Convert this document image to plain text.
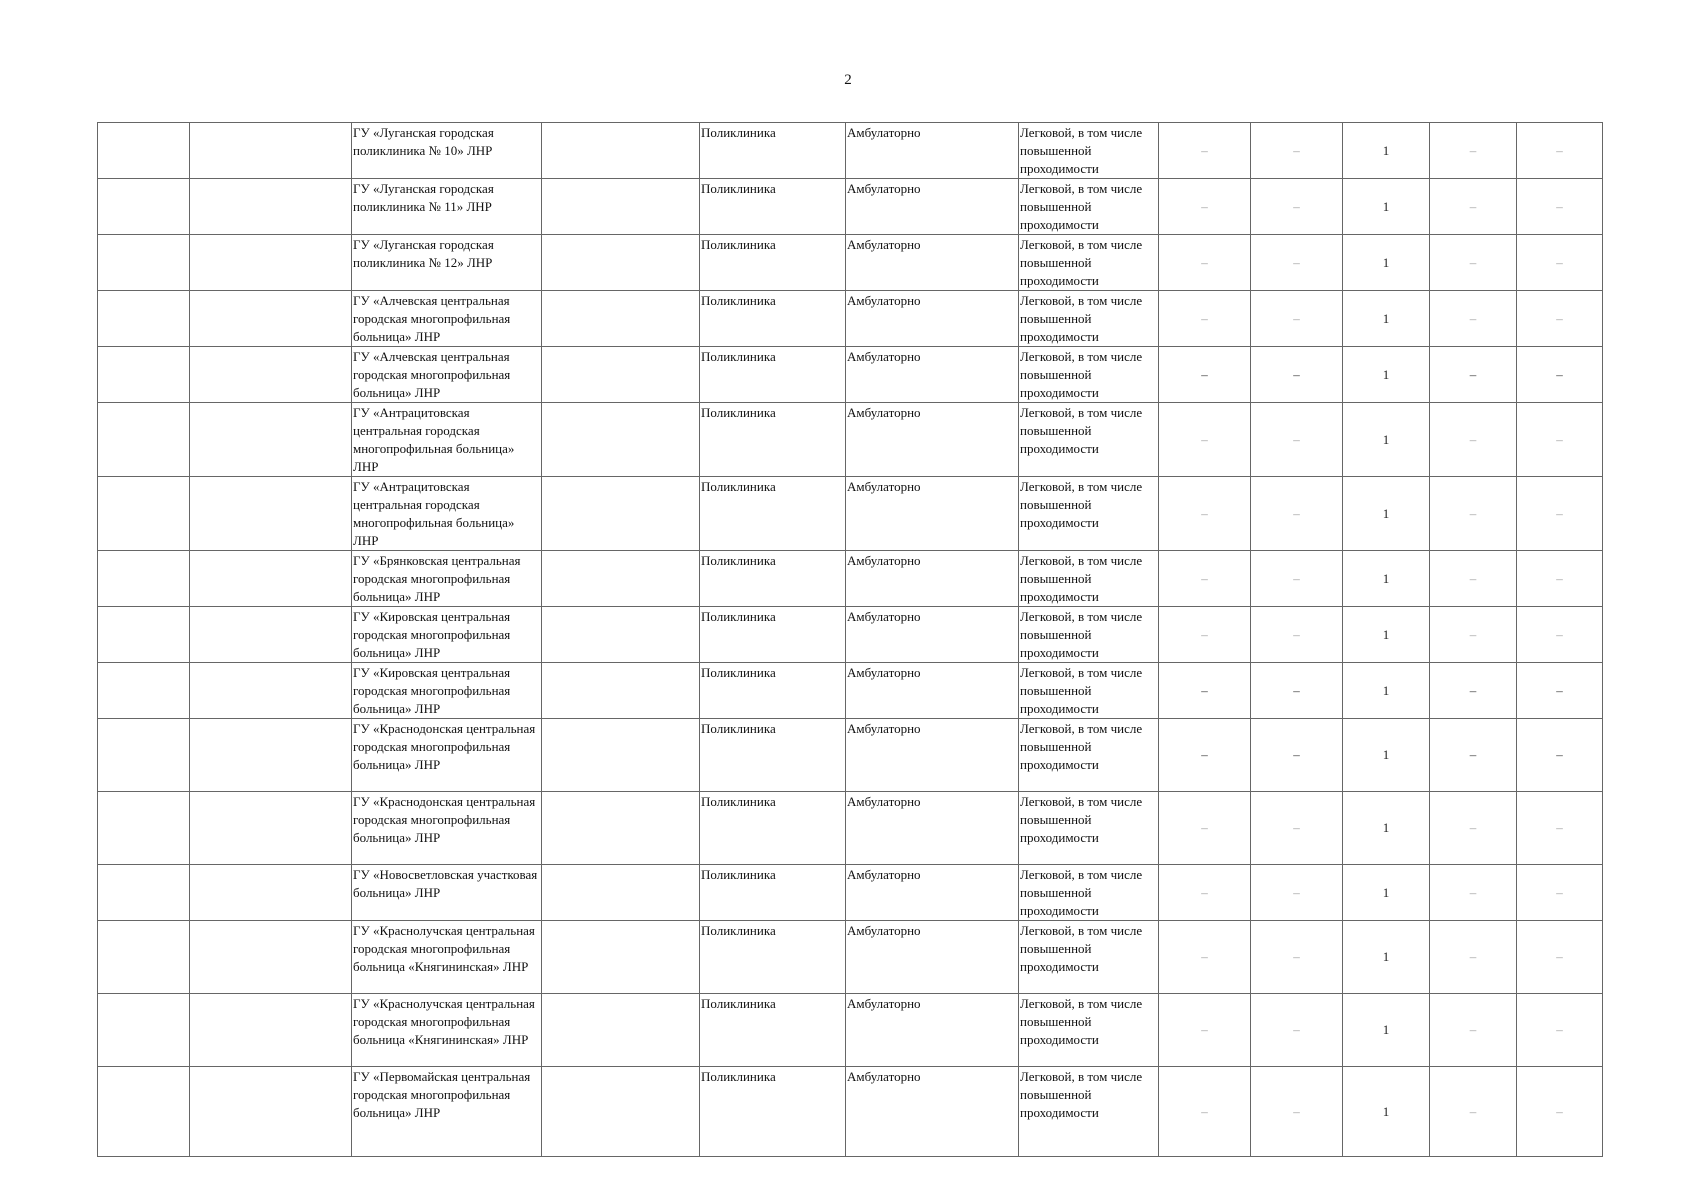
2
		ГУ «Луганская городская поликлиника № 10» ЛНР		Поликлиника	Амбулаторно	Легковой, в том числе повышенной проходимости	–	–	1	–	–
		ГУ «Луганская городская поликлиника № 11» ЛНР		Поликлиника	Амбулаторно	Легковой, в том числе повышенной проходимости	–	–	1	–	–
		ГУ «Луганская городская поликлиника № 12» ЛНР		Поликлиника	Амбулаторно	Легковой, в том числе повышенной проходимости	–	–	1	–	–
		ГУ «Алчевская центральная городская многопрофильная больница» ЛНР		Поликлиника	Амбулаторно	Легковой, в том числе повышенной проходимости	–	–	1	–	–
		ГУ «Алчевская центральная городская многопрофильная больница» ЛНР		Поликлиника	Амбулаторно	Легковой, в том числе повышенной проходимости	–	–	1	–	–
		ГУ «Антрацитовская центральная городская многопрофильная больница» ЛНР		Поликлиника	Амбулаторно	Легковой, в том числе повышенной проходимости	–	–	1	–	–
		ГУ «Антрацитовская центральная городская многопрофильная больница» ЛНР		Поликлиника	Амбулаторно	Легковой, в том числе повышенной проходимости	–	–	1	–	–
		ГУ «Брянковская центральная городская многопрофильная больница» ЛНР		Поликлиника	Амбулаторно	Легковой, в том числе повышенной проходимости	–	–	1	–	–
		ГУ «Кировская центральная городская многопрофильная больница» ЛНР		Поликлиника	Амбулаторно	Легковой, в том числе повышенной проходимости	–	–	1	–	–
		ГУ «Кировская центральная городская многопрофильная больница» ЛНР		Поликлиника	Амбулаторно	Легковой, в том числе повышенной проходимости	–	–	1	–	–
		ГУ «Краснодонская центральная городская многопрофильная больница» ЛНР		Поликлиника	Амбулаторно	Легковой, в том числе повышенной проходимости	–	–	1	–	–
		ГУ «Краснодонская центральная городская многопрофильная больница» ЛНР		Поликлиника	Амбулаторно	Легковой, в том числе повышенной проходимости	–	–	1	–	–
		ГУ «Новосветловская участковая больница» ЛНР		Поликлиника	Амбулаторно	Легковой, в том числе повышенной проходимости	–	–	1	–	–
		ГУ «Краснолучская центральная городская многопрофильная больница «Княгининская» ЛНР		Поликлиника	Амбулаторно	Легковой, в том числе повышенной проходимости	–	–	1	–	–
		ГУ «Краснолучская центральная городская многопрофильная больница «Княгининская» ЛНР		Поликлиника	Амбулаторно	Легковой, в том числе повышенной проходимости	–	–	1	–	–
		ГУ «Первомайская центральная городская многопрофильная больница» ЛНР		Поликлиника	Амбулаторно	Легковой, в том числе повышенной проходимости	–	–	1	–	–
